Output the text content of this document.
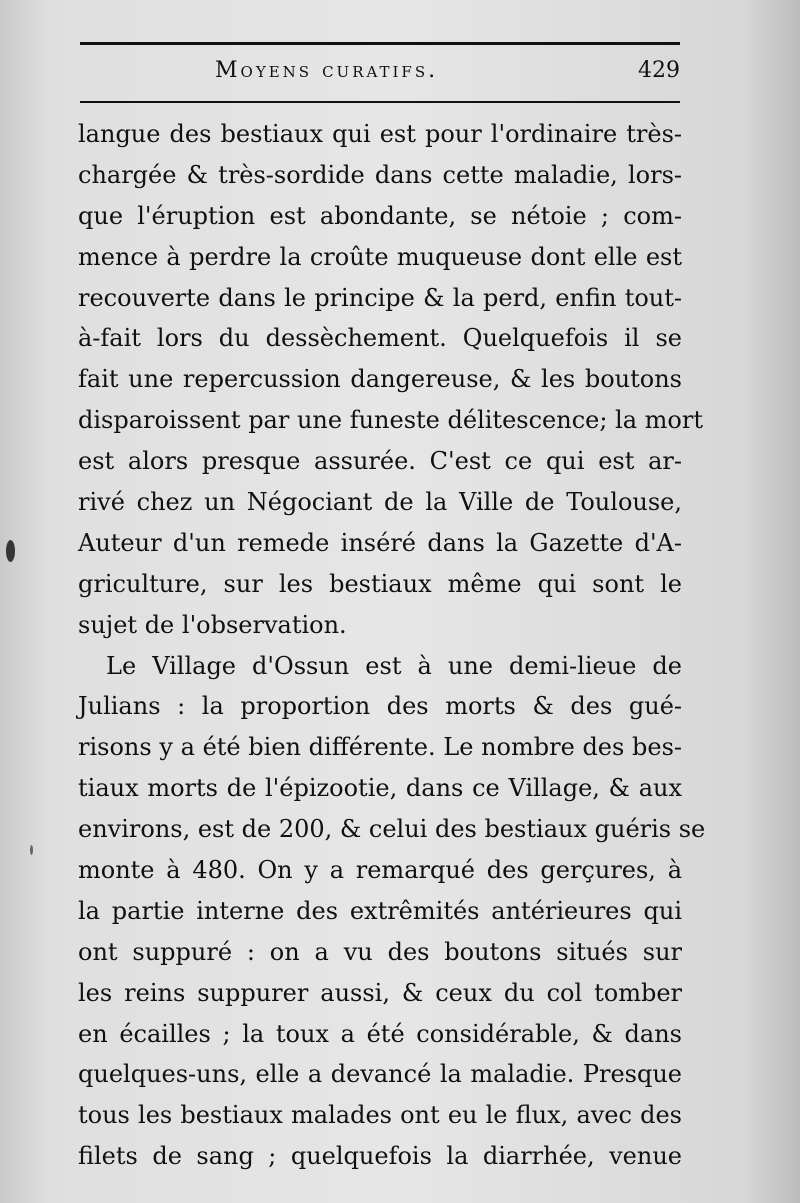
Moyens curatifs.	429
langue des bestiaux qui est pour l'ordinaire très-
chargée & très-sordide dans cette maladie, lors-
que l'éruption est abondante, se nétoie ; com-
mence à perdre la croûte muqueuse dont elle est
recouverte dans le principe & la perd, enfin tout-
à-fait lors du dessèchement. Quelquefois il se
fait une repercussion dangereuse, & les boutons
disparoissent par une funeste délitescence; la mort
est alors presque assurée. C'est ce qui est ar-
rivé chez un Négociant de la Ville de Toulouse,
Auteur d'un remede inséré dans la Gazette d'A-
griculture, sur les bestiaux même qui sont le
sujet de l'observation.
Le Village d'Ossun est à une demi-lieue de
Julians : la proportion des morts & des gué-
risons y a été bien différente. Le nombre des bes-
tiaux morts de l'épizootie, dans ce Village, & aux
environs, est de 200, & celui des bestiaux guéris se
monte à 480. On y a remarqué des gerçures, à
la partie interne des extrêmités antérieures qui
ont suppuré : on a vu des boutons situés sur
les reins suppurer aussi, & ceux du col tomber
en écailles ; la toux a été considérable, & dans
quelques-uns, elle a devancé la maladie. Presque
tous les bestiaux malades ont eu le flux, avec des
filets de sang ; quelquefois la diarrhée, venue
